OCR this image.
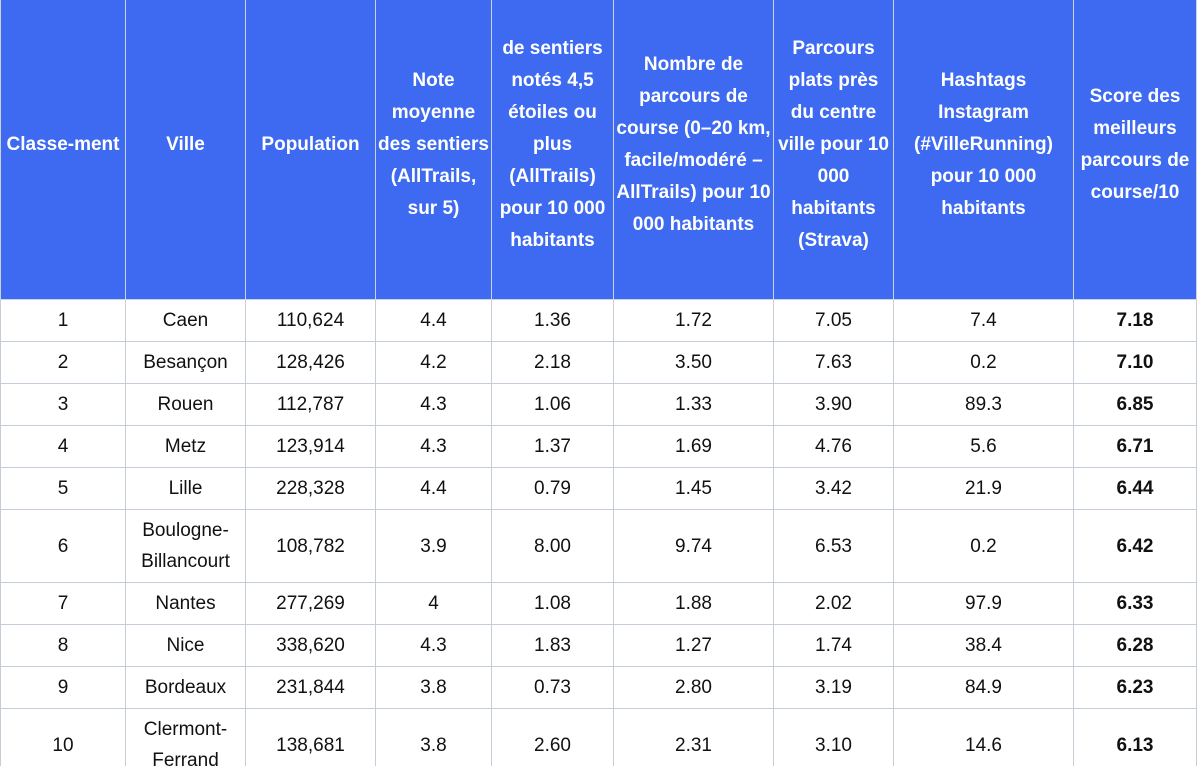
Classe-ment	Ville	Population	Note moyenne des sentiers (AllTrails, sur 5)	de sentiers notés 4,5 étoiles ou plus (AllTrails) pour 10 000 habitants	Nombre de parcours de course (0–20 km, facile/modéré – AllTrails) pour 10 000 habitants	Parcours plats près du centre ville pour 10 000 habitants (Strava)	Hashtags Instagram (#VilleRunning) pour 10 000 habitants	Score des meilleurs parcours de course/10
1	Caen	110,624	4.4	1.36	1.72	7.05	7.4	7.18
2	Besançon	128,426	4.2	2.18	3.50	7.63	0.2	7.10
3	Rouen	112,787	4.3	1.06	1.33	3.90	89.3	6.85
4	Metz	123,914	4.3	1.37	1.69	4.76	5.6	6.71
5	Lille	228,328	4.4	0.79	1.45	3.42	21.9	6.44
6	Boulogne-Billancourt	108,782	3.9	8.00	9.74	6.53	0.2	6.42
7	Nantes	277,269	4	1.08	1.88	2.02	97.9	6.33
8	Nice	338,620	4.3	1.83	1.27	1.74	38.4	6.28
9	Bordeaux	231,844	3.8	0.73	2.80	3.19	84.9	6.23
10	Clermont-Ferrand	138,681	3.8	2.60	2.31	3.10	14.6	6.13
